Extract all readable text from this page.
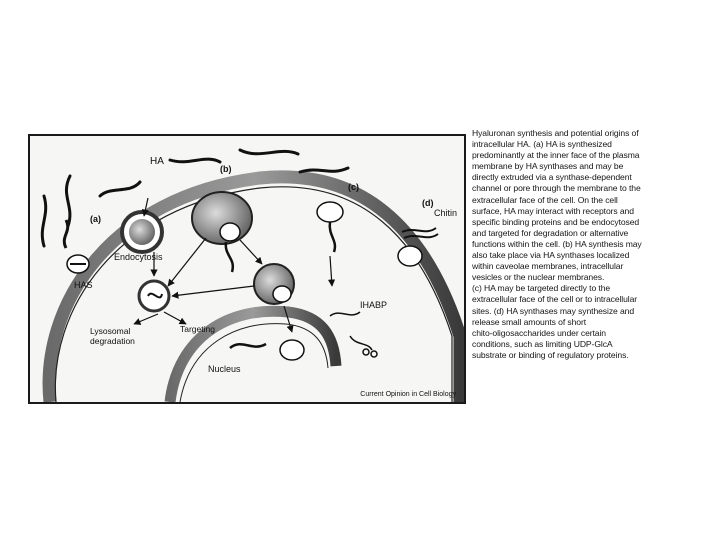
HA
(b)
(a)
(c)
(d)
Chitin
HAS
Endocytosis
IHABP
Lysosomal
degradation
Targeting
Nucleus
Current Opinion in Cell Biology

Hyaluronan synthesis and potential origins of

intracellular HA. (a) HA is synthesized

predominantly at the inner face of the plasma

membrane by HA synthases and may be

directly extruded via a synthase-dependent

channel or pore through the membrane to the

extracellular face of the cell. On the cell

surface, HA may interact with receptors and

specific binding proteins and be endocytosed

and targeted for degradation or alternative

functions within the cell. (b) HA synthesis may

also take place via HA synthases localized

within caveolae membranes, intracellular

vesicles or the nuclear membranes.

(c) HA may be targeted directly to the

extracellular face of the cell or to intracellular

sites. (d) HA synthases may synthesize and

release small amounts of short

chito-oligosaccharides under certain

conditions, such as limiting UDP-GlcA

substrate or binding of regulatory proteins.
